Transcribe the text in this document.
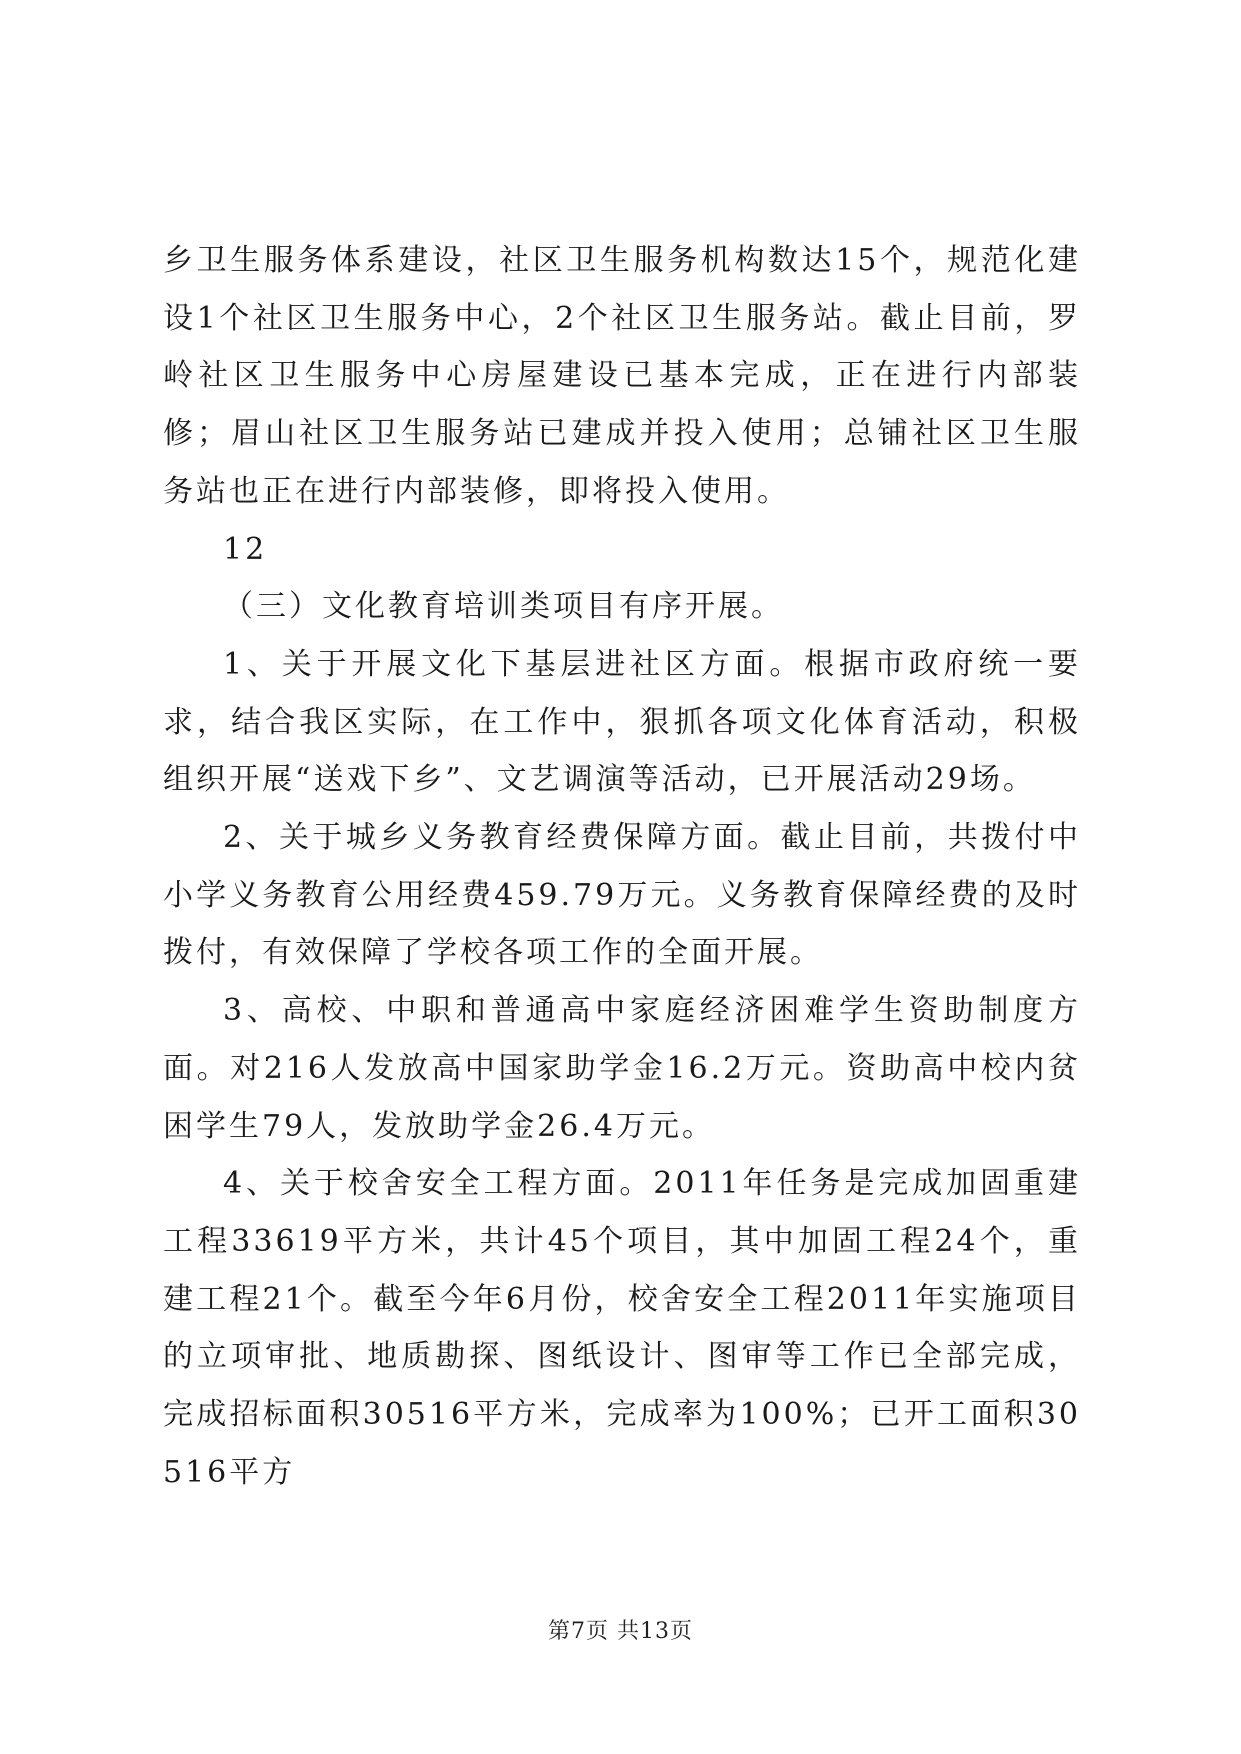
乡卫生服务体系建设，社区卫生服务机构数达15个，规范化建设1个社区卫生服务中心，2个社区卫生服务站。截止目前，罗岭社区卫生服务中心房屋建设已基本完成，正在进行内部装修；眉山社区卫生服务站已建成并投入使用；总铺社区卫生服务站也正在进行内部装修，即将投入使用。

12

（三）文化教育培训类项目有序开展。

1、关于开展文化下基层进社区方面。根据市政府统一要求，结合我区实际，在工作中，狠抓各项文化体育活动，积极组织开展“送戏下乡”、文艺调演等活动，已开展活动29场。

2、关于城乡义务教育经费保障方面。截止目前，共拨付中小学义务教育公用经费459.79万元。义务教育保障经费的及时拨付，有效保障了学校各项工作的全面开展。

3、高校、中职和普通高中家庭经济困难学生资助制度方面。对216人发放高中国家助学金16.2万元。资助高中校内贫困学生79人，发放助学金26.4万元。

4、关于校舍安全工程方面。2011年任务是完成加固重建工程33619平方米，共计45个项目，其中加固工程24个，重建工程21个。截至今年6月份，校舍安全工程2011年实施项目的立项审批、地质勘探、图纸设计、图审等工作已全部完成，完成招标面积30516平方米，完成率为100%；已开工面积30516平方

第7页 共13页
